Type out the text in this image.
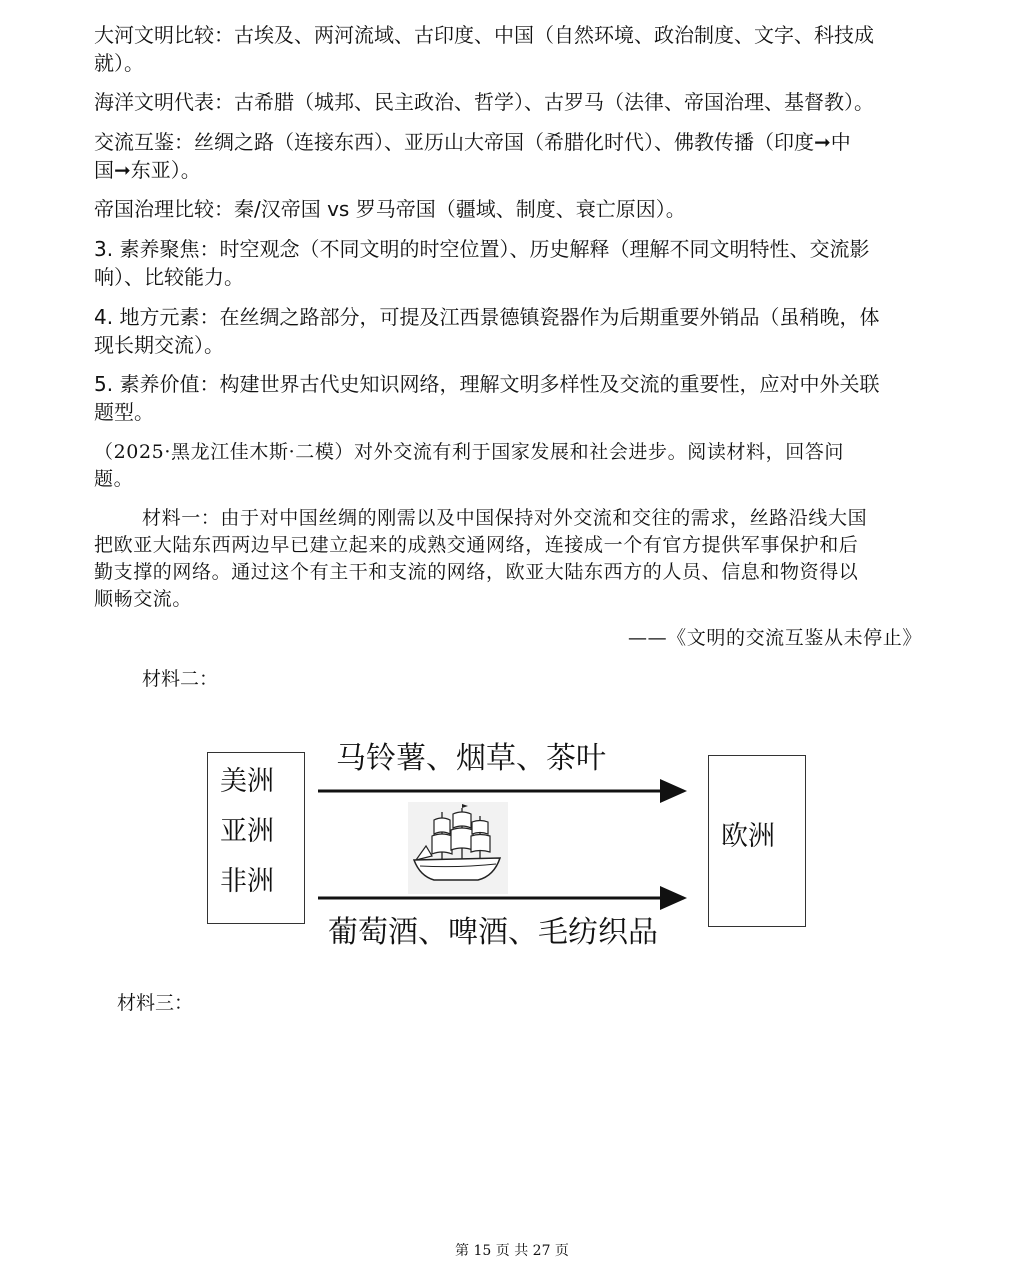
大河文明比较：古埃及、两河流域、古印度、中国（自然环境、政治制度、文字、科技成
就）。
海洋文明代表：古希腊（城邦、民主政治、哲学）、古罗马（法律、帝国治理、基督教）。
交流互鉴：丝绸之路（连接东西）、亚历山大帝国（希腊化时代）、佛教传播（印度➞中
国➞东亚）。
帝国治理比较：秦/汉帝国 vs 罗马帝国（疆域、制度、衰亡原因）。
3. 素养聚焦：时空观念（不同文明的时空位置）、历史解释（理解不同文明特性、交流影
响）、比较能力。
4. 地方元素：在丝绸之路部分，可提及江西景德镇瓷器作为后期重要外销品（虽稍晚，体
现长期交流）。
5. 素养价值：构建世界古代史知识网络，理解文明多样性及交流的重要性，应对中外关联
题型。
（2025·黑龙江佳木斯·二模）对外交流有利于国家发展和社会进步。阅读材料，回答问
题。
材料一：由于对中国丝绸的刚需以及中国保持对外交流和交往的需求，丝路沿线大国
把欧亚大陆东西两边早已建立起来的成熟交通网络，连接成一个有官方提供军事保护和后
勤支撑的网络。通过这个有主干和支流的网络，欧亚大陆东西方的人员、信息和物资得以
顺畅交流。
——《文明的交流互鉴从未停止》
材料二：
美洲
亚洲
非洲
欧洲
马铃薯、烟草、茶叶
葡萄酒、啤酒、毛纺织品
材料三：
第 15 页 共 27 页
